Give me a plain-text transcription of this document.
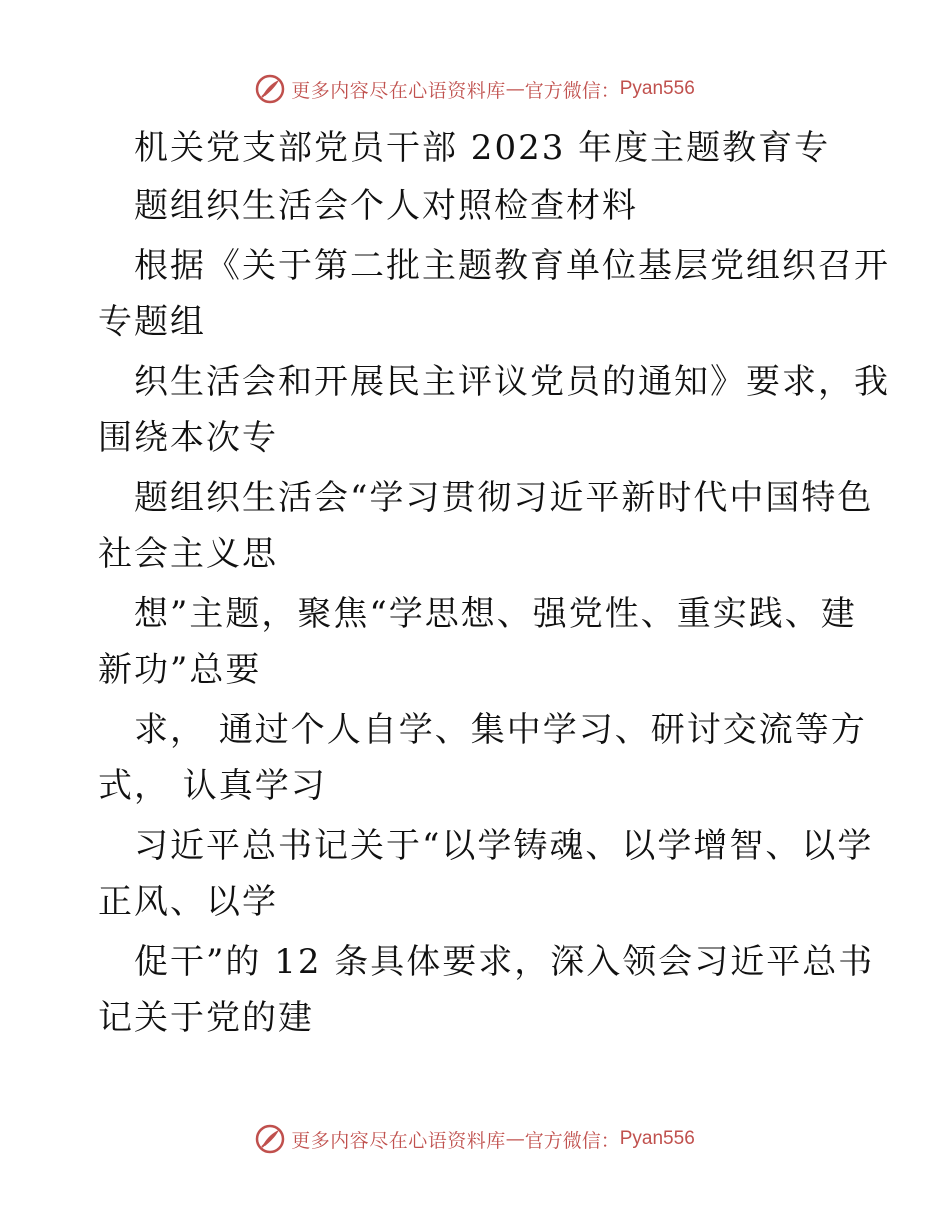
更多内容尽在心语资料库 — 官方微信： Pyan556
机关党支部党员干部 2023 年度主题教育专
题组织生活会个人对照检查材料
根据《关于第二批主题教育单位基层党组织召开
专题组
织生活会和开展民主评议党员的通知》要求，我
围绕本次专
题组织生活会“学习贯彻习近平新时代中国特色
社会主义思
想”主题，聚焦“学思想、强党性、重实践、建
新功”总要
求， 通过个人自学、集中学习、研讨交流等方
式， 认真学习
习近平总书记关于“以学铸魂、以学增智、以学
正风、以学
促干”的 12 条具体要求，深入领会习近平总书
记关于党的建
更多内容尽在心语资料库 — 官方微信： Pyan556
